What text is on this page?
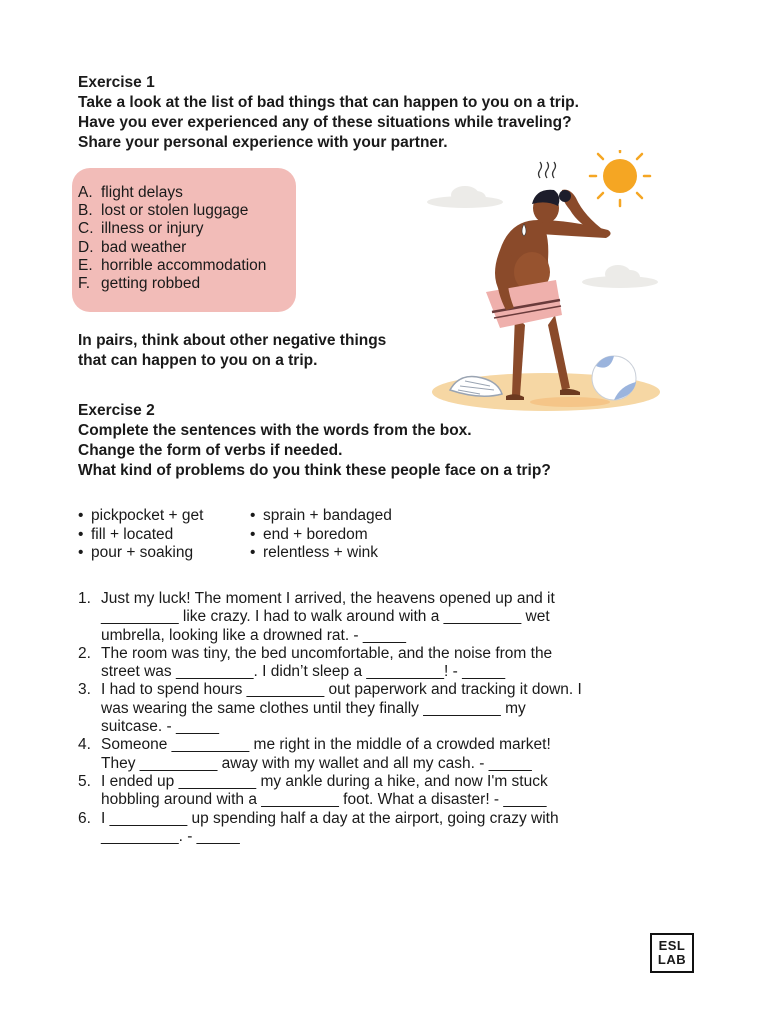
Exercise 1
Take a look at the list of bad things that can happen to you on a trip.
Have you ever experienced any of these situations while traveling?
Share your personal experience with your partner.
A. flight delays
B. lost or stolen luggage
C. illness or injury
D. bad weather
E. horrible accommodation
F. getting robbed
In pairs, think about other negative things
that can happen to you on a trip.
Exercise 2
Complete the sentences with the words from the box.
Change the form of verbs if needed.
What kind of problems do you think these people face on a trip?
• pickpocket + get
• fill + located
• pour + soaking
• sprain + bandaged
• end + boredom
• relentless + wink
1. Just my luck! The moment I arrived, the heavens opened up and it
_________ like crazy. I had to walk around with a _________ wet
umbrella, looking like a drowned rat. - _____
2. The room was tiny, the bed uncomfortable, and the noise from the
street was _________. I didn’t sleep a _________! - _____
3. I had to spend hours _________ out paperwork and tracking it down. I
was wearing the same clothes until they finally _________ my
suitcase. - _____
4. Someone _________ me right in the middle of a crowded market!
They _________ away with my wallet and all my cash. - _____
5. I ended up _________ my ankle during a hike, and now I'm stuck
hobbling around with a _________ foot. What a disaster! - _____
6. I _________ up spending half a day at the airport, going crazy with
_________. - _____
ESL
LAB
